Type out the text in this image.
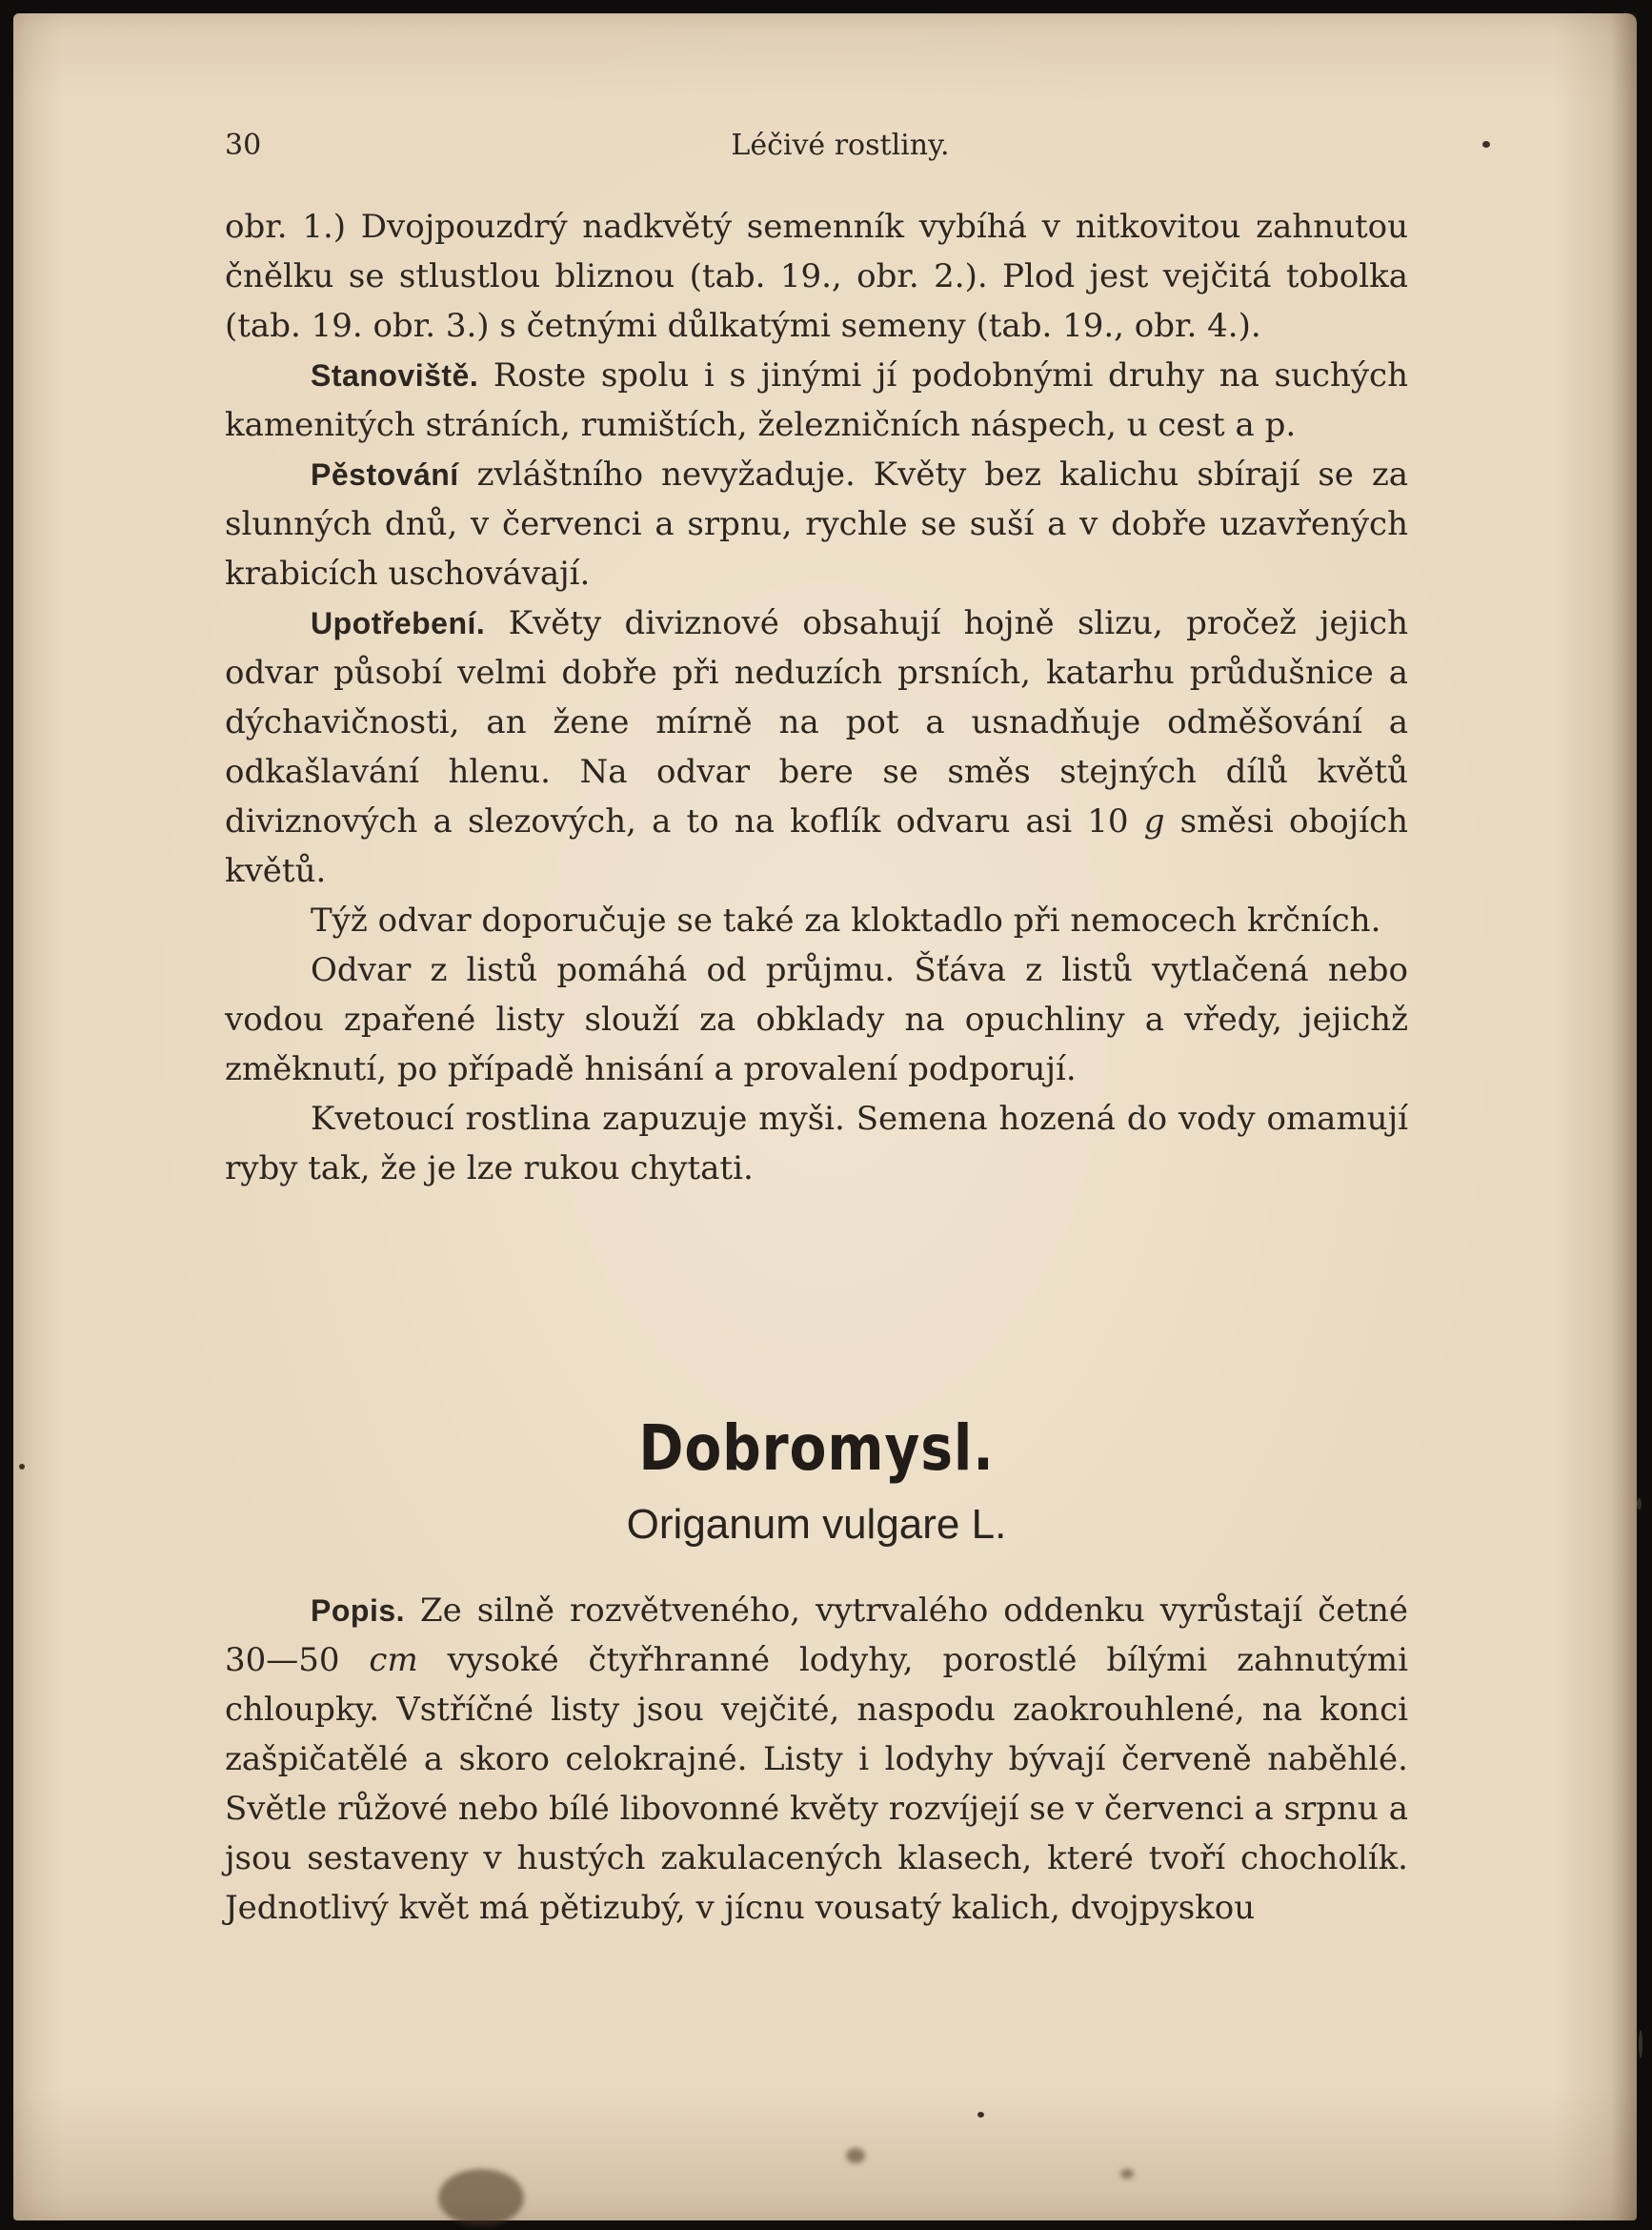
30	Léčivé rostliny.

obr. 1.) Dvojpouzdrý nadkvětý semenník vybíhá v nitkovitou zahnutou čnělku se stlustlou bliznou (tab. 19., obr. 2.). Plod jest vejčitá tobolka (tab. 19. obr. 3.) s četnými důlkatými semeny (tab. 19., obr. 4.).

Stanoviště. Roste spolu i s jinými jí podobnými druhy na suchých kamenitých stráních, rumištích, železničních náspech, u cest a p.

Pěstování zvláštního nevyžaduje. Květy bez kalichu sbírají se za slunných dnů, v červenci a srpnu, rychle se suší a v dobře uzavřených krabicích uschovávají.

Upotřebení. Květy diviznové obsahují hojně slizu, pročež jejich odvar působí velmi dobře při neduzích prsních, katarhu průdušnice a dýchavičnosti, an žene mírně na pot a usnadňuje odměšování a odkašlavání hlenu. Na odvar bere se směs stejných dílů květů diviznových a slezových, a to na koflík odvaru asi 10 g směsi obojích květů.

Týž odvar doporučuje se také za kloktadlo při nemocech krčních.

Odvar z listů pomáhá od průjmu. Šťáva z listů vytlačená nebo vodou zpařené listy slouží za obklady na opuchliny a vředy, jejichž změknutí, po případě hnisání a provalení podporují.

Kvetoucí rostlina zapuzuje myši. Semena hozená do vody omamují ryby tak, že je lze rukou chytati.

Dobromysl.
Origanum vulgare L.

Popis. Ze silně rozvětveného, vytrvalého oddenku vyrůstají četné 30—50 cm vysoké čtyřhranné lodyhy, porostlé bílými zahnutými chloupky. Vstříčné listy jsou vejčité, naspodu zaokrouhlené, na konci zašpičatělé a skoro celokrajné. Listy i lodyhy bývají červeně naběhlé. Světle růžové nebo bílé libovonné květy rozvíjejí se v červenci a srpnu a jsou sestaveny v hustých zakulacených klasech, které tvoří chocholík. Jednotlivý květ má pětizubý, v jícnu vousatý kalich, dvojpyskou
